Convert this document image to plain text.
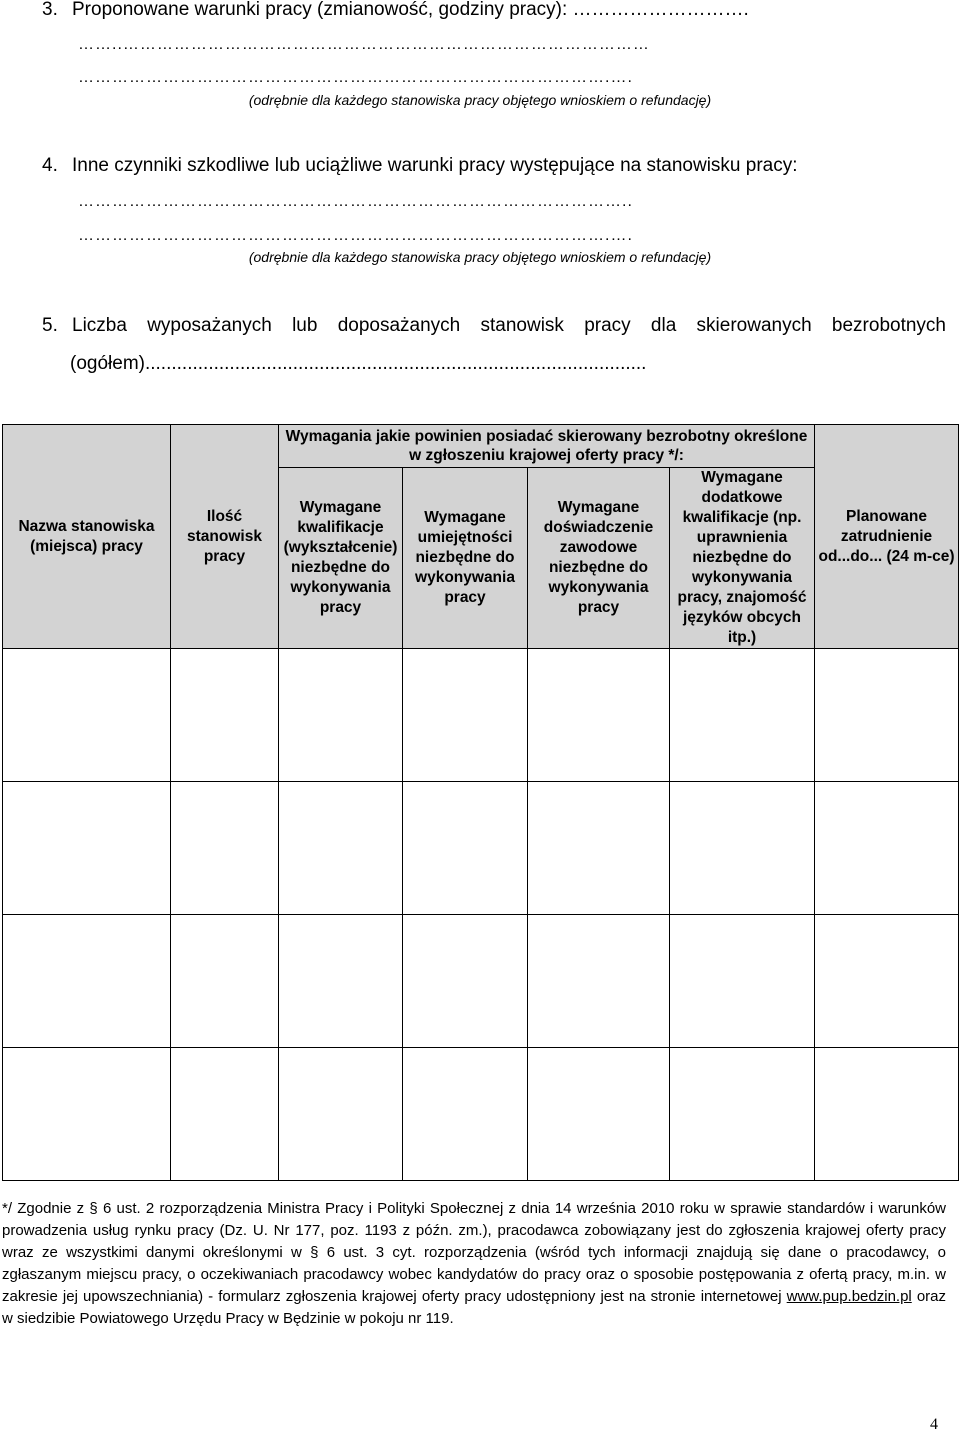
3. Proponowane warunki pracy (zmianowość, godziny pracy): ……………………….
……..…………………………………………………………………………………
………………………………………………………………………………….….
(odrębnie dla każdego stanowiska pracy objętego wnioskiem o refundację)
4. Inne czynniki szkodliwe lub uciążliwe warunki pracy występujące na stanowisku pracy:
……………………………………………………………………………………..
………………………………………………………………………………….….
(odrębnie dla każdego stanowiska pracy objętego wnioskiem o refundację)
5. Liczba wyposażanych lub doposażanych stanowisk pracy dla skierowanych bezrobotnych
(ogółem)...............................................................................................
Nazwa stanowiska (miejsca) pracy	Ilość stanowisk pracy	Wymagania jakie powinien posiadać skierowany bezrobotny określone w zgłoszeniu krajowej oferty pracy */:				Planowane zatrudnienie od...do... (24 m-ce)
		Wymagane kwalifikacje (wykształcenie) niezbędne do wykonywania pracy	Wymagane umiejętności niezbędne do wykonywania pracy	Wymagane doświadczenie zawodowe niezbędne do wykonywania pracy	Wymagane dodatkowe kwalifikacje (np. uprawnienia niezbędne do wykonywania pracy, znajomość języków obcych itp.)	

*/ Zgodnie z § 6 ust. 2 rozporządzenia Ministra Pracy i Polityki Społecznej z dnia 14 września 2010 roku w sprawie standardów i warunków prowadzenia usług rynku pracy (Dz. U. Nr 177, poz. 1193 z późn. zm.), pracodawca zobowiązany jest do zgłoszenia krajowej oferty pracy wraz ze wszystkimi danymi określonymi w § 6 ust. 3 cyt. rozporządzenia (wśród tych informacji znajdują się dane o pracodawcy, o zgłaszanym miejscu pracy, o oczekiwaniach pracodawcy wobec kandydatów do pracy oraz o sposobie postępowania z ofertą pracy, m.in. w zakresie jej upowszechniania) - formularz zgłoszenia krajowej oferty pracy udostępniony jest na stronie internetowej www.pup.bedzin.pl oraz w siedzibie Powiatowego Urzędu Pracy w Będzinie w pokoju nr 119.
4
